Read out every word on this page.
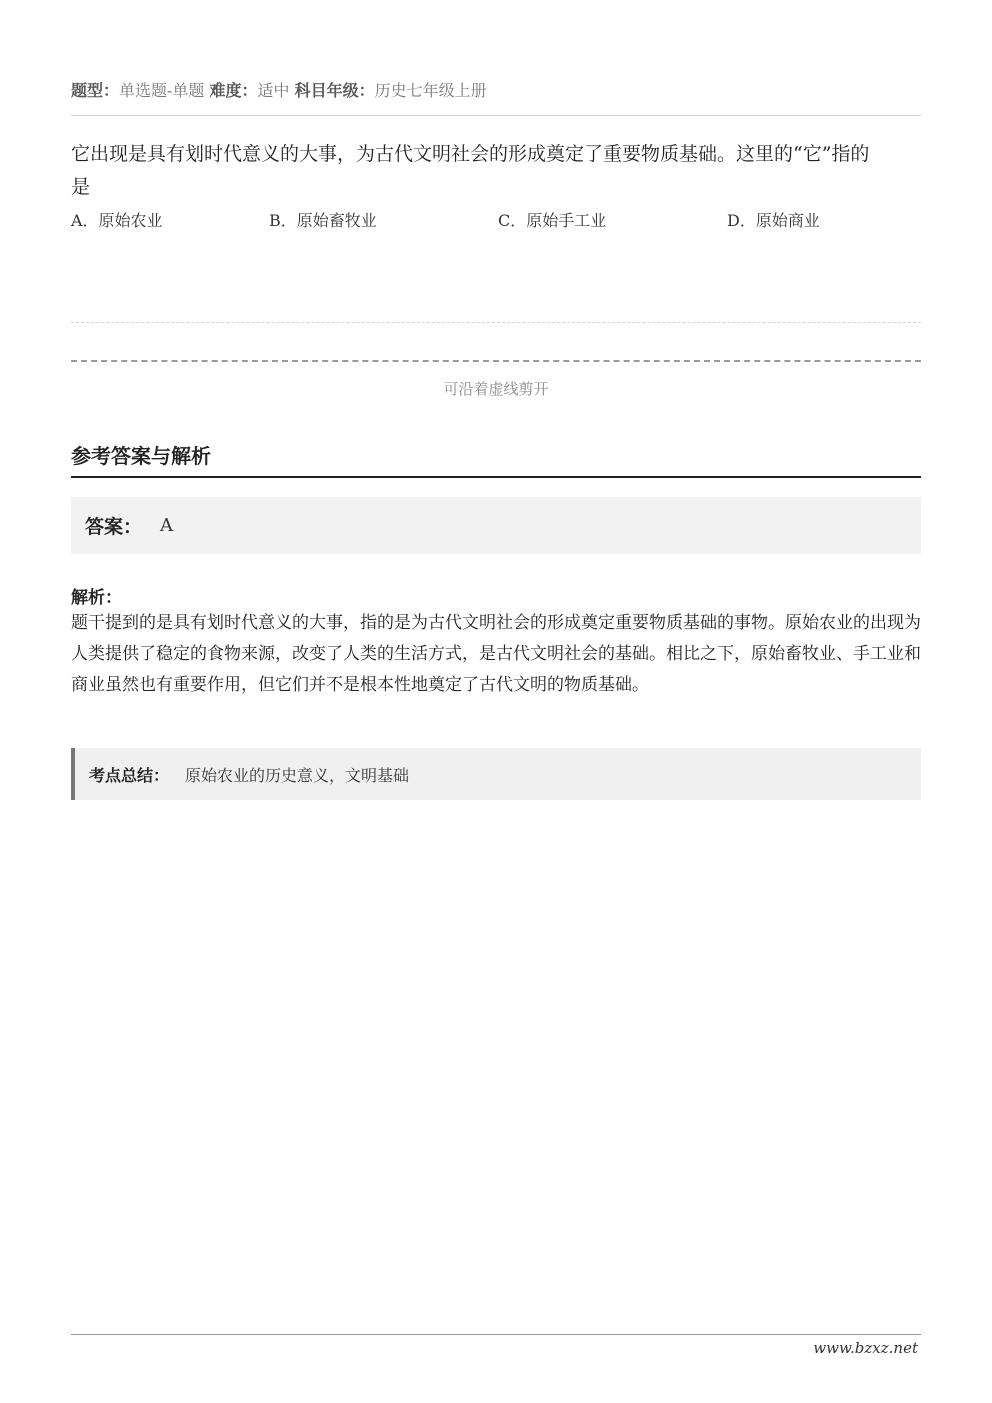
题型：单选题-单题 难度：适中 科目年级：历史七年级上册
它出现是具有划时代意义的大事，为古代文明社会的形成奠定了重要物质基础。这里的“它”指的是
A．原始农业	B．原始畜牧业	C．原始手工业	D．原始商业
可沿着虚线剪开
参考答案与解析
答案： A
解析：
题干提到的是具有划时代意义的大事，指的是为古代文明社会的形成奠定重要物质基础的事物。原始农业的出现为人类提供了稳定的食物来源，改变了人类的生活方式，是古代文明社会的基础。相比之下，原始畜牧业、手工业和商业虽然也有重要作用，但它们并不是根本性地奠定了古代文明的物质基础。
考点总结： 原始农业的历史意义，文明基础
www.bzxz.net
